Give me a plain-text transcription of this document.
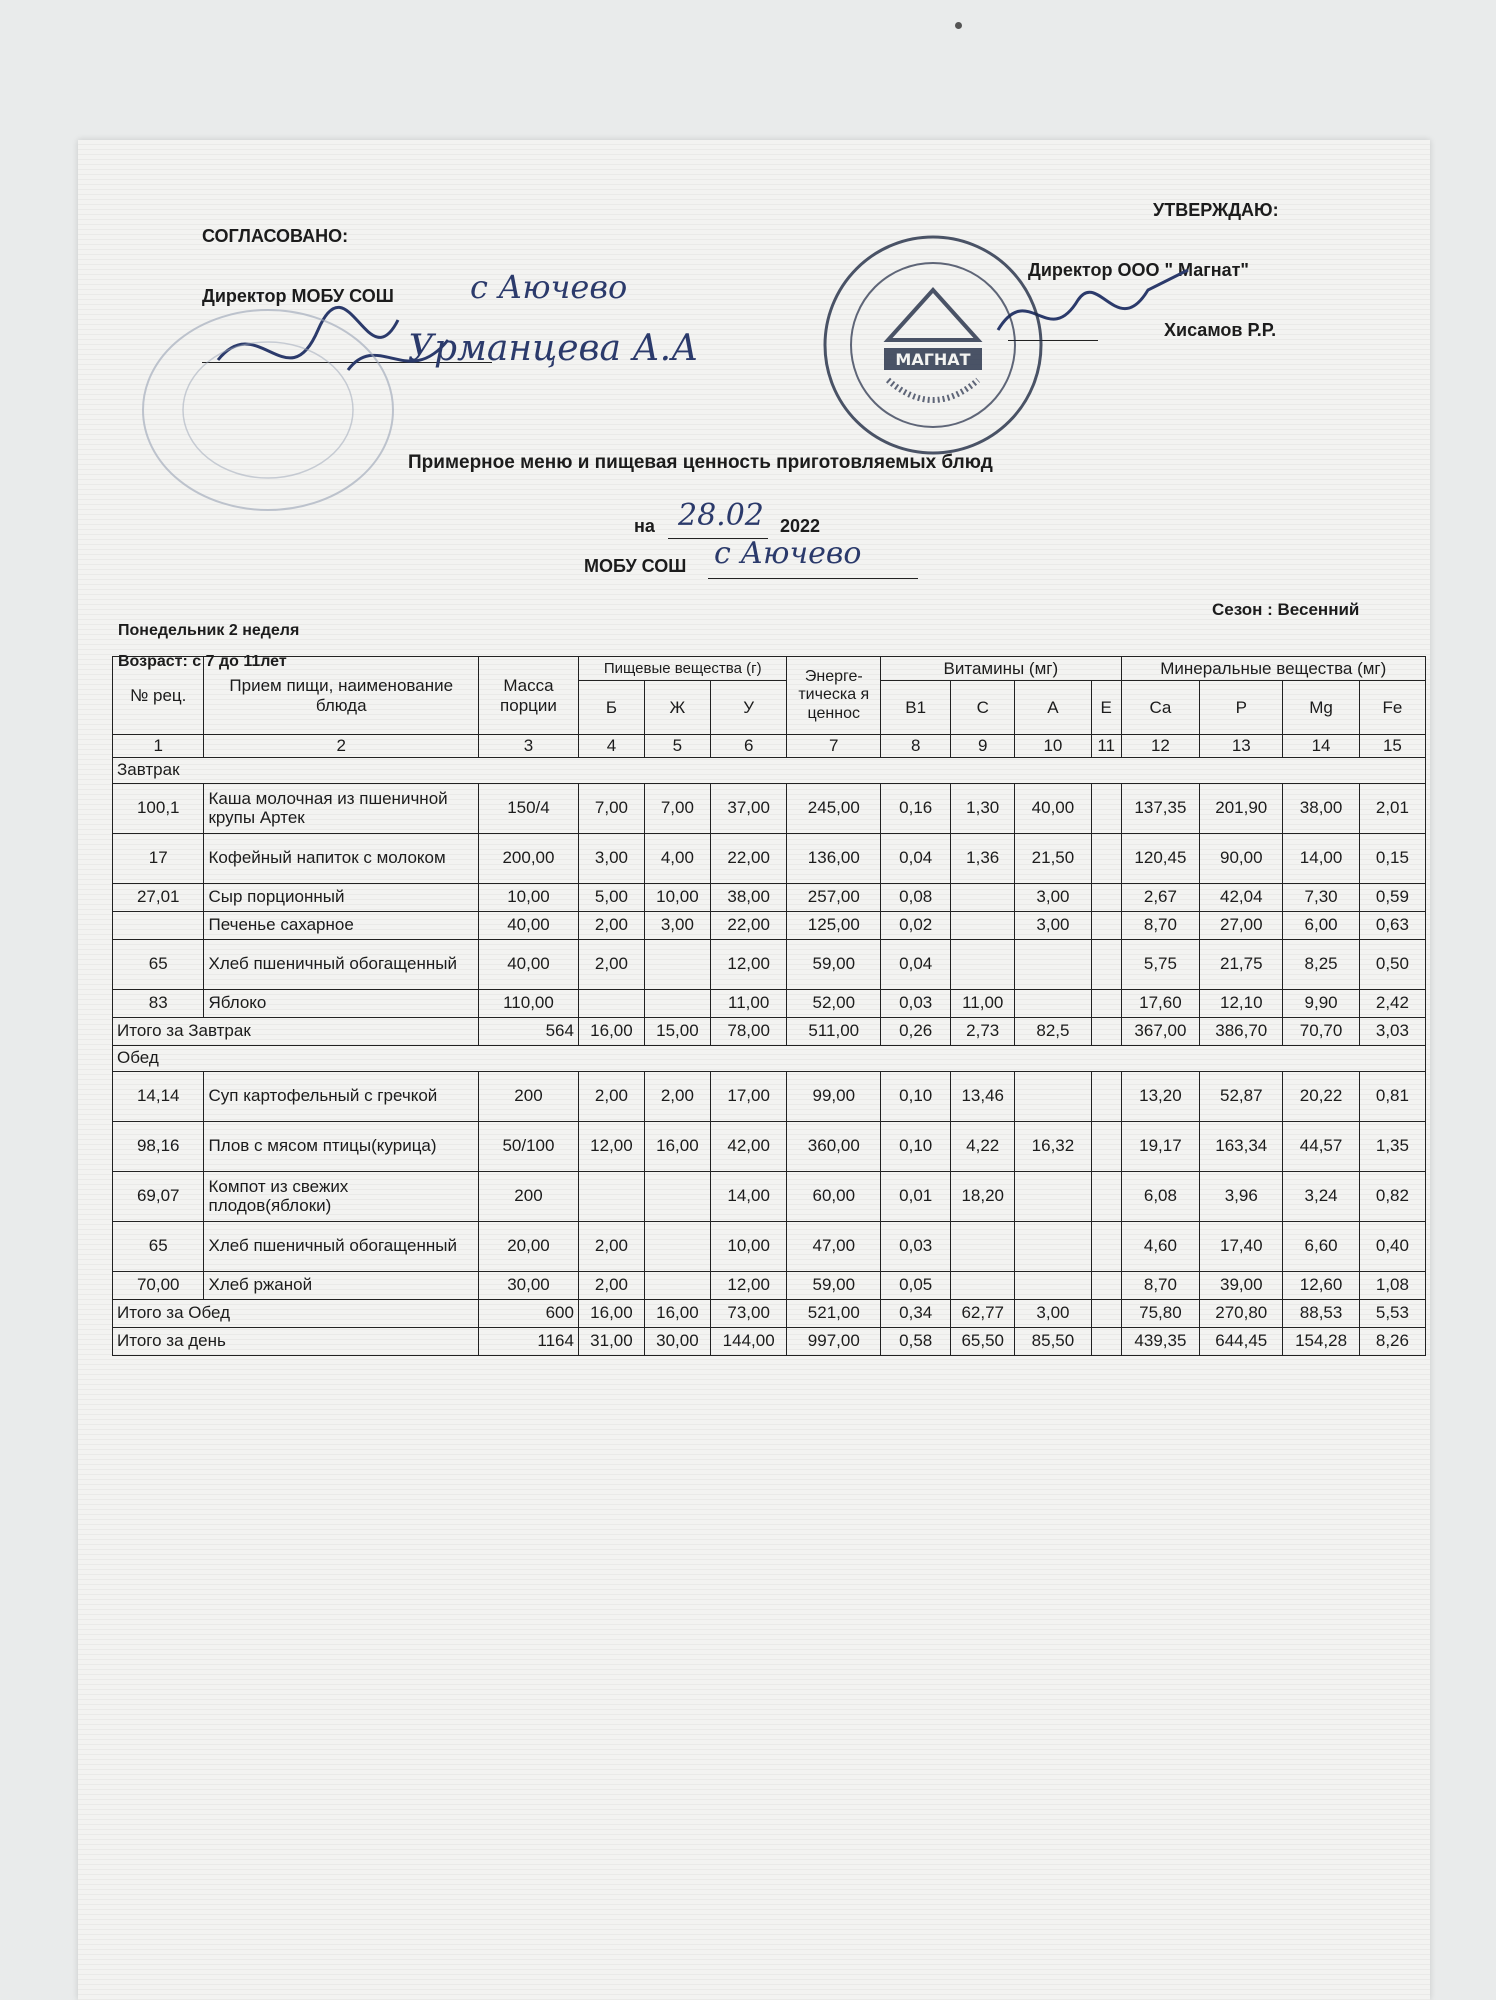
СОГЛАСОВАНО:
Директор МОБУ СОШ с Аючево
Урманцева А.А
УТВЕРЖДАЮ:
Директор ООО " Магнат"
Хисамов Р.Р.
МАГНАТ
Примерное меню и пищевая ценность приготовляемых блюд
на 28.02 2022
МОБУ СОШ с Аючево
Понедельник 2 неделя
Сезон : Весенний
Возраст: с 7 до 11лет
№ рец.	Прием пищи, наименование блюда	Масса порции	Пищевые вещества (г)			Энерге-тическа я ценнос	Витамины (мг)				Минеральные вещества (мг)			
			Б	Ж	У		В1	С	А	Е	Ca	P	Mg	Fe
1	2	3	4	5	6	7	8	9	10	11	12	13	14	15
Завтрак														
100,1	Каша молочная из пшеничной крупы Артек	150/4	7,00	7,00	37,00	245,00	0,16	1,30	40,00		137,35	201,90	38,00	2,01
17	Кофейный напиток с молоком	200,00	3,00	4,00	22,00	136,00	0,04	1,36	21,50		120,45	90,00	14,00	0,15
27,01	Сыр порционный	10,00	5,00	10,00	38,00	257,00	0,08		3,00		2,67	42,04	7,30	0,59
	Печенье сахарное	40,00	2,00	3,00	22,00	125,00	0,02		3,00		8,70	27,00	6,00	0,63
65	Хлеб пшеничный обогащенный	40,00	2,00		12,00	59,00	0,04				5,75	21,75	8,25	0,50
83	Яблоко	110,00			11,00	52,00	0,03	11,00			17,60	12,10	9,90	2,42
Итого за Завтрак		564	16,00	15,00	78,00	511,00	0,26	2,73	82,5		367,00	386,70	70,70	3,03
Обед														
14,14	Суп картофельный с гречкой	200	2,00	2,00	17,00	99,00	0,10	13,46			13,20	52,87	20,22	0,81
98,16	Плов с мясом птицы(курица)	50/100	12,00	16,00	42,00	360,00	0,10	4,22	16,32		19,17	163,34	44,57	1,35
69,07	Компот из свежих плодов(яблоки)	200			14,00	60,00	0,01	18,20			6,08	3,96	3,24	0,82
65	Хлеб пшеничный обогащенный	20,00	2,00		10,00	47,00	0,03				4,60	17,40	6,60	0,40
70,00	Хлеб ржаной	30,00	2,00		12,00	59,00	0,05				8,70	39,00	12,60	1,08
Итого за Обед		600	16,00	16,00	73,00	521,00	0,34	62,77	3,00		75,80	270,80	88,53	5,53
Итого за день		1164	31,00	30,00	144,00	997,00	0,58	65,50	85,50		439,35	644,45	154,28	8,26
